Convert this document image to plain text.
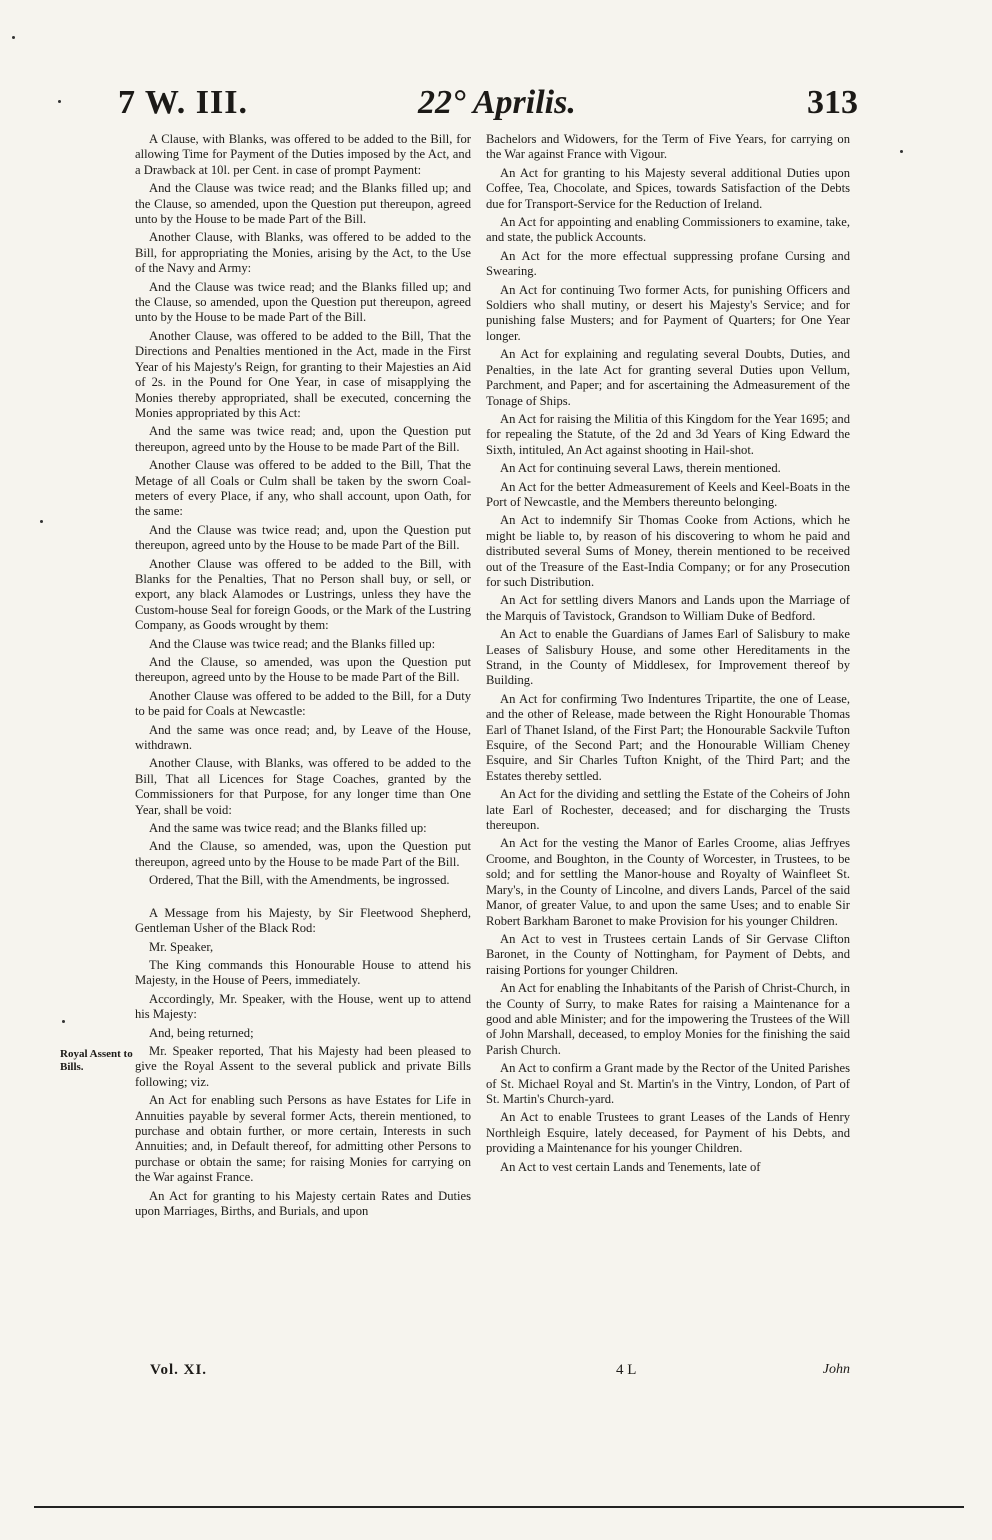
7 W. III.	22° Aprilis.	313
Royal Assent to Bills.

A Clause, with Blanks, was offered to be added to the Bill, for allowing Time for Payment of the Duties imposed by the Act, and a Drawback at 10l. per Cent. in case of prompt Payment:

And the Clause was twice read; and the Blanks filled up; and the Clause, so amended, upon the Question put thereupon, agreed unto by the House to be made Part of the Bill.

Another Clause, with Blanks, was offered to be added to the Bill, for appropriating the Monies, arising by the Act, to the Use of the Navy and Army:

And the Clause was twice read; and the Blanks filled up; and the Clause, so amended, upon the Question put thereupon, agreed unto by the House to be made Part of the Bill.

Another Clause, was offered to be added to the Bill, That the Directions and Penalties mentioned in the Act, made in the First Year of his Majesty's Reign, for granting to their Majesties an Aid of 2s. in the Pound for One Year, in case of misapplying the Monies thereby appropriated, shall be executed, concerning the Monies appropriated by this Act:

And the same was twice read; and, upon the Question put thereupon, agreed unto by the House to be made Part of the Bill.

Another Clause was offered to be added to the Bill, That the Metage of all Coals or Culm shall be taken by the sworn Coal-meters of every Place, if any, who shall account, upon Oath, for the same:

And the Clause was twice read; and, upon the Question put thereupon, agreed unto by the House to be made Part of the Bill.

Another Clause was offered to be added to the Bill, with Blanks for the Penalties, That no Person shall buy, or sell, or export, any black Alamodes or Lustrings, unless they have the Custom-house Seal for foreign Goods, or the Mark of the Lustring Company, as Goods wrought by them:

And the Clause was twice read; and the Blanks filled up:

And the Clause, so amended, was upon the Question put thereupon, agreed unto by the House to be made Part of the Bill.

Another Clause was offered to be added to the Bill, for a Duty to be paid for Coals at Newcastle:

And the same was once read; and, by Leave of the House, withdrawn.

Another Clause, with Blanks, was offered to be added to the Bill, That all Licences for Stage Coaches, granted by the Commissioners for that Purpose, for any longer time than One Year, shall be void:

And the same was twice read; and the Blanks filled up:

And the Clause, so amended, was, upon the Question put thereupon, agreed unto by the House to be made Part of the Bill.

Ordered, That the Bill, with the Amendments, be ingrossed.

A Message from his Majesty, by Sir Fleetwood Shepherd, Gentleman Usher of the Black Rod:

Mr. Speaker,

The King commands this Honourable House to attend his Majesty, in the House of Peers, immediately.

Accordingly, Mr. Speaker, with the House, went up to attend his Majesty:

And, being returned;

Mr. Speaker reported, That his Majesty had been pleased to give the Royal Assent to the several publick and private Bills following; viz.

An Act for enabling such Persons as have Estates for Life in Annuities payable by several former Acts, therein mentioned, to purchase and obtain further, or more certain, Interests in such Annuities; and, in Default thereof, for admitting other Persons to purchase or obtain the same; for raising Monies for carrying on the War against France.

An Act for granting to his Majesty certain Rates and Duties upon Marriages, Births, and Burials, and upon

Bachelors and Widowers, for the Term of Five Years, for carrying on the War against France with Vigour.

An Act for granting to his Majesty several additional Duties upon Coffee, Tea, Chocolate, and Spices, towards Satisfaction of the Debts due for Transport-Service for the Reduction of Ireland.

An Act for appointing and enabling Commissioners to examine, take, and state, the publick Accounts.

An Act for the more effectual suppressing profane Cursing and Swearing.

An Act for continuing Two former Acts, for punishing Officers and Soldiers who shall mutiny, or desert his Majesty's Service; and for punishing false Musters; and for Payment of Quarters; for One Year longer.

An Act for explaining and regulating several Doubts, Duties, and Penalties, in the late Act for granting several Duties upon Vellum, Parchment, and Paper; and for ascertaining the Admeasurement of the Tonage of Ships.

An Act for raising the Militia of this Kingdom for the Year 1695; and for repealing the Statute, of the 2d and 3d Years of King Edward the Sixth, intituled, An Act against shooting in Hail-shot.

An Act for continuing several Laws, therein mentioned.

An Act for the better Admeasurement of Keels and Keel-Boats in the Port of Newcastle, and the Members thereunto belonging.

An Act to indemnify Sir Thomas Cooke from Actions, which he might be liable to, by reason of his discovering to whom he paid and distributed several Sums of Money, therein mentioned to be received out of the Treasure of the East-India Company; or for any Prosecution for such Distribution.

An Act for settling divers Manors and Lands upon the Marriage of the Marquis of Tavistock, Grandson to William Duke of Bedford.

An Act to enable the Guardians of James Earl of Salisbury to make Leases of Salisbury House, and some other Hereditaments in the Strand, in the County of Middlesex, for Improvement thereof by Building.

An Act for confirming Two Indentures Tripartite, the one of Lease, and the other of Release, made between the Right Honourable Thomas Earl of Thanet Island, of the First Part; the Honourable Sackvile Tufton Esquire, of the Second Part; and the Honourable William Cheney Esquire, and Sir Charles Tufton Knight, of the Third Part; and the Estates thereby settled.

An Act for the dividing and settling the Estate of the Coheirs of John late Earl of Rochester, deceased; and for discharging the Trusts thereupon.

An Act for the vesting the Manor of Earles Croome, alias Jeffryes Croome, and Boughton, in the County of Worcester, in Trustees, to be sold; and for settling the Manor-house and Royalty of Wainfleet St. Mary's, in the County of Lincolne, and divers Lands, Parcel of the said Manor, of greater Value, to and upon the same Uses; and to enable Sir Robert Barkham Baronet to make Provision for his younger Children.

An Act to vest in Trustees certain Lands of Sir Gervase Clifton Baronet, in the County of Nottingham, for Payment of Debts, and raising Portions for younger Children.

An Act for enabling the Inhabitants of the Parish of Christ-Church, in the County of Surry, to make Rates for raising a Maintenance for a good and able Minister; and for the impowering the Trustees of the Will of John Marshall, deceased, to employ Monies for the finishing the said Parish Church.

An Act to confirm a Grant made by the Rector of the United Parishes of St. Michael Royal and St. Martin's in the Vintry, London, of Part of St. Martin's Church-yard.

An Act to enable Trustees to grant Leases of the Lands of Henry Northleigh Esquire, lately deceased, for Payment of his Debts, and providing a Maintenance for his younger Children.

An Act to vest certain Lands and Tenements, late of

Vol. XI.	4 L	John
